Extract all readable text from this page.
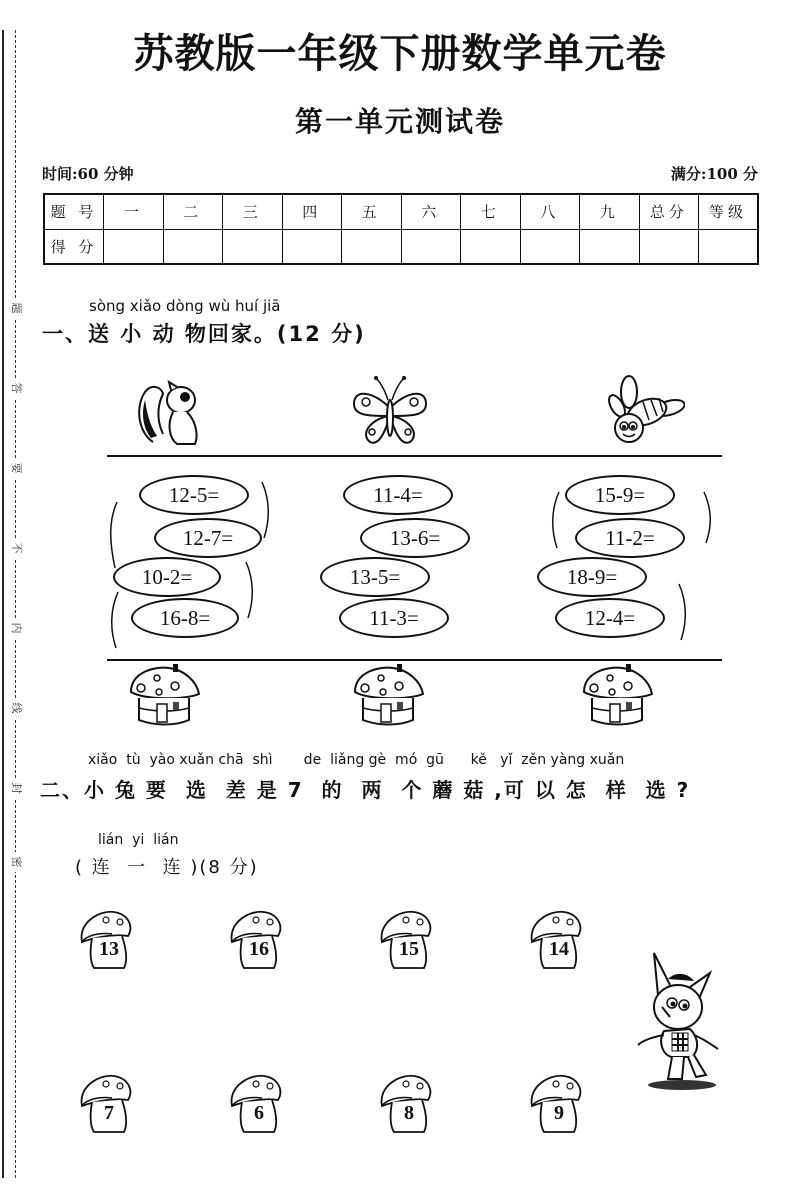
题
答
要
不
内
线
封
密
苏教版一年级下册数学单元卷
第一单元测试卷
时间:60 分钟	满分:100 分
题 号	一	二	三	四	五	六	七	八	九	总分	等级
得 分											
sòng xiǎo dòng wù huí jiā
一、送 小 动 物回家。(12 分)
12-5=
12-7=
10-2=
16-8=
11-4=
13-6=
13-5=
11-3=
15-9=
11-2=
18-9=
12-4=
xiǎo  tù  yào xuǎn chā  shì       de  liǎng gè  mó  gū      kě   yǐ  zěn yàng xuǎn
二、小 兔 要  选  差 是 7  的  两  个 蘑 菇 ,可 以 怎  样  选 ?
lián  yi  lián
( 连  一  连 )(8 分)
13	16	15	14
7	6	8	9
